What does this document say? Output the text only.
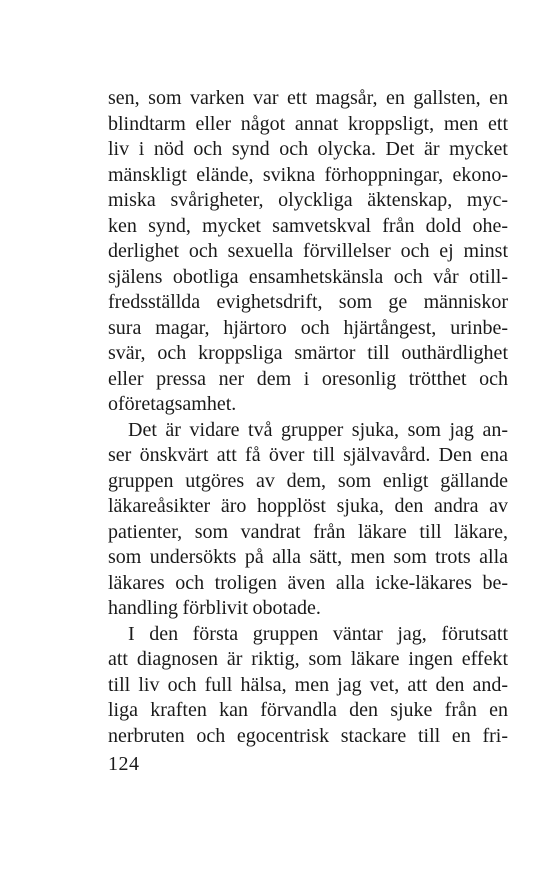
sen, som varken var ett magsår, en gallsten, en
blindtarm eller något annat kroppsligt, men ett
liv i nöd och synd och olycka. Det är mycket
mänskligt elände, svikna förhoppningar, ekono-
miska svårigheter, olyckliga äktenskap, myc-
ken synd, mycket samvetskval från dold ohe-
derlighet och sexuella förvillelser och ej minst
själens obotliga ensamhetskänsla och vår otill-
fredsställda evighetsdrift, som ge människor
sura magar, hjärtoro och hjärtångest, urinbe-
svär, och kroppsliga smärtor till outhärdlighet
eller pressa ner dem i oresonlig trötthet och
oföretagsamhet.
Det är vidare två grupper sjuka, som jag an-
ser önskvärt att få över till självavård. Den ena
gruppen utgöres av dem, som enligt gällande
läkareåsikter äro hopplöst sjuka, den andra av
patienter, som vandrat från läkare till läkare,
som undersökts på alla sätt, men som trots alla
läkares och troligen även alla icke-läkares be-
handling förblivit obotade.
I den första gruppen väntar jag, förutsatt
att diagnosen är riktig, som läkare ingen effekt
till liv och full hälsa, men jag vet, att den and-
liga kraften kan förvandla den sjuke från en
nerbruten och egocentrisk stackare till en fri-
124
